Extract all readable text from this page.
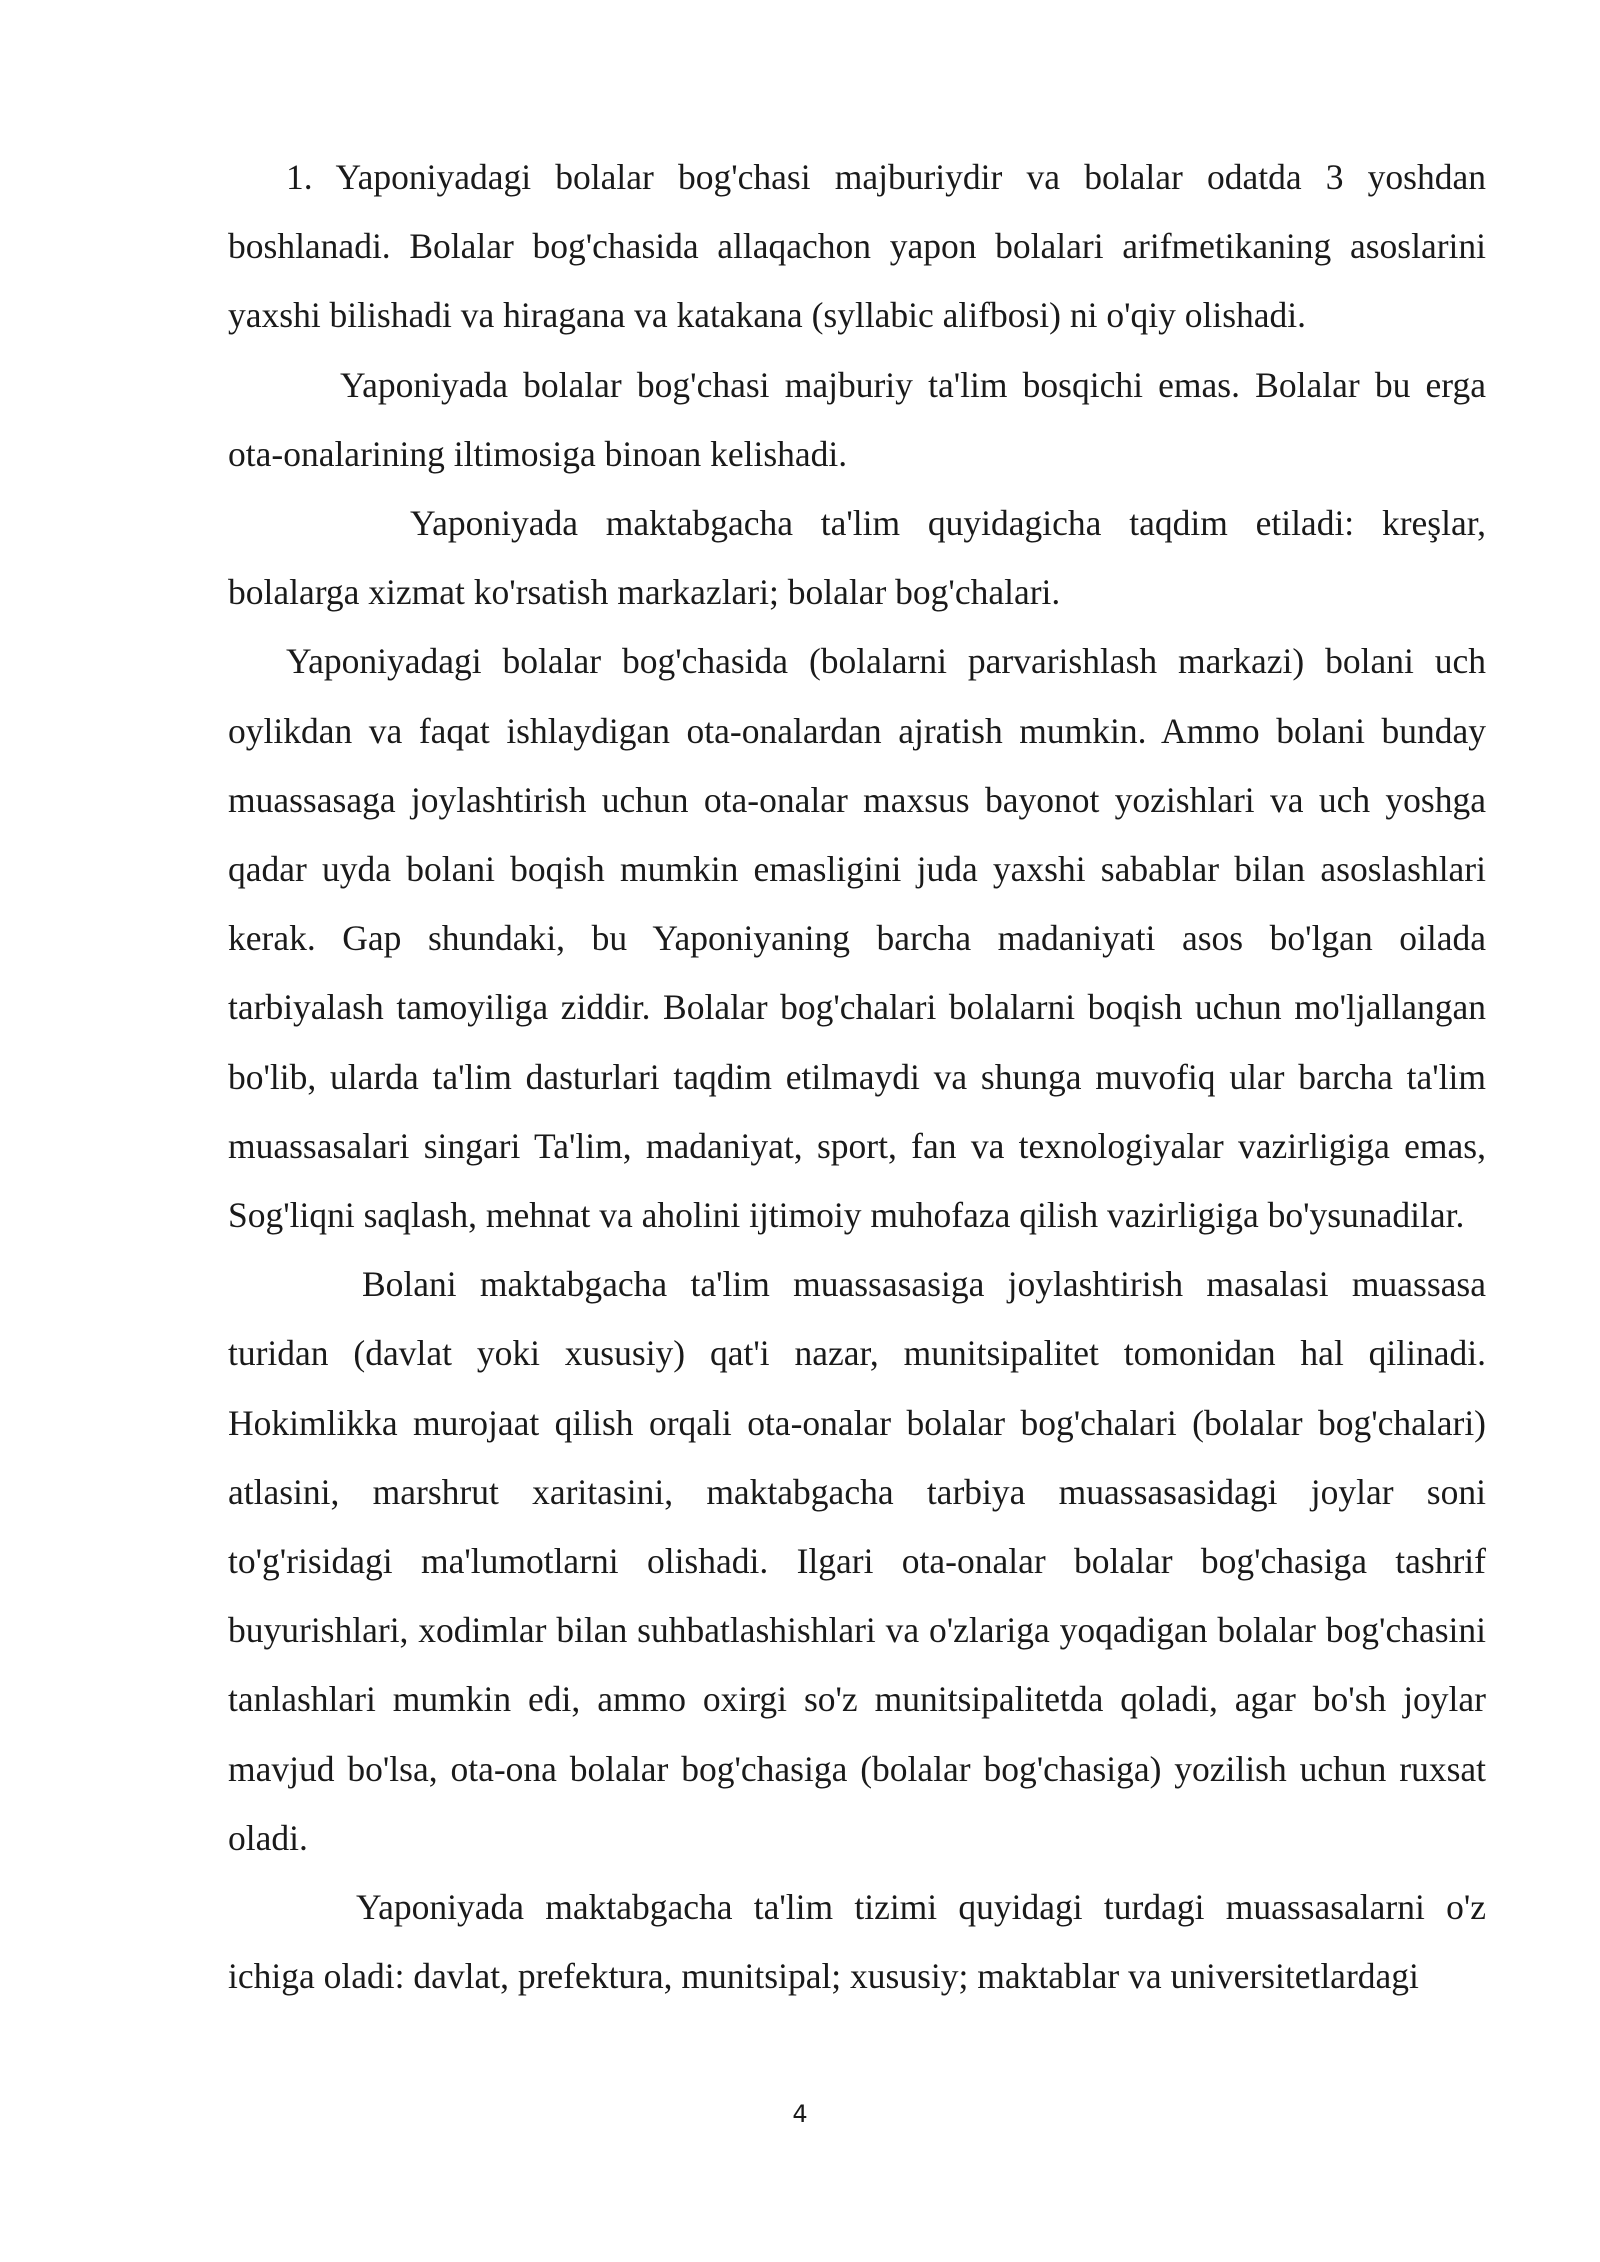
1. Yaponiyadagi bolalar bog'chasi majburiydir va bolalar odatda 3 yoshdan boshlanadi. Bolalar bog'chasida allaqachon yapon bolalari arifmetikaning asoslarini yaxshi bilishadi va hiragana va katakana (syllabic alifbosi) ni o'qiy olishadi.

Yaponiyada bolalar bog'chasi majburiy ta'lim bosqichi emas. Bolalar bu erga ota-onalarining iltimosiga binoan kelishadi.

Yaponiyada maktabgacha ta'lim quyidagicha taqdim etiladi: kreşlar, bolalarga xizmat ko'rsatish markazlari; bolalar bog'chalari.

Yaponiyadagi bolalar bog'chasida (bolalarni parvarishlash markazi) bolani uch oylikdan va faqat ishlaydigan ota-onalardan ajratish mumkin. Ammo bolani bunday muassasaga joylashtirish uchun ota-onalar maxsus bayonot yozishlari va uch yoshga qadar uyda bolani boqish mumkin emasligini juda yaxshi sabablar bilan asoslashlari kerak. Gap shundaki, bu Yaponiyaning barcha madaniyati asos bo'lgan oilada tarbiyalash tamoyiliga ziddir. Bolalar bog'chalari bolalarni boqish uchun mo'ljallangan bo'lib, ularda ta'lim dasturlari taqdim etilmaydi va shunga muvofiq ular barcha ta'lim muassasalari singari Ta'lim, madaniyat, sport, fan va texnologiyalar vazirligiga emas, Sog'liqni saqlash, mehnat va aholini ijtimoiy muhofaza qilish vazirligiga bo'ysunadilar.

Bolani maktabgacha ta'lim muassasasiga joylashtirish masalasi muassasa turidan (davlat yoki xususiy) qat'i nazar, munitsipalitet tomonidan hal qilinadi. Hokimlikka murojaat qilish orqali ota-onalar bolalar bog'chalari (bolalar bog'chalari) atlasini, marshrut xaritasini, maktabgacha tarbiya muassasasidagi joylar soni to'g'risidagi ma'lumotlarni olishadi. Ilgari ota-onalar bolalar bog'chasiga tashrif buyurishlari, xodimlar bilan suhbatlashishlari va o'zlariga yoqadigan bolalar bog'chasini tanlashlari mumkin edi, ammo oxirgi so'z munitsipalitetda qoladi, agar bo'sh joylar mavjud bo'lsa, ota-ona bolalar bog'chasiga (bolalar bog'chasiga) yozilish uchun ruxsat oladi.

Yaponiyada maktabgacha ta'lim tizimi quyidagi turdagi muassasalarni o'z ichiga oladi: davlat, prefektura, munitsipal; xususiy; maktablar va universitetlardagi

4
